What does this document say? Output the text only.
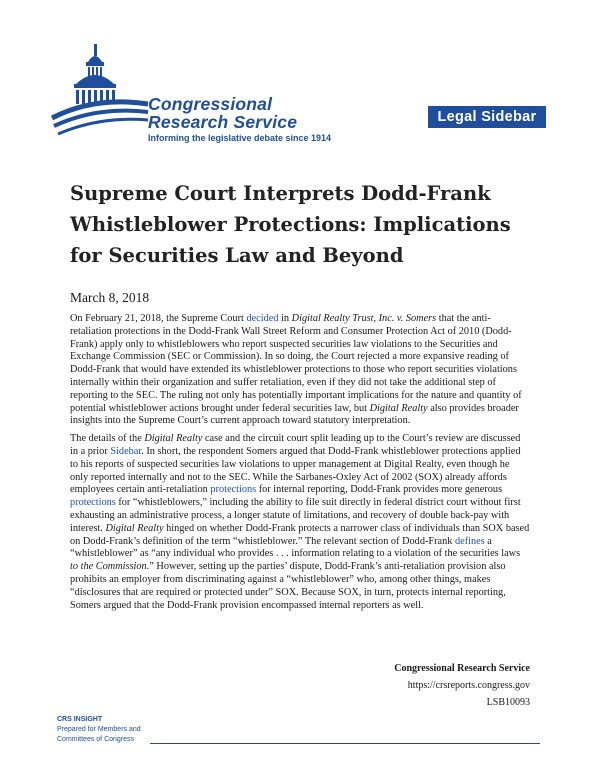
Congressional
Research Service
Informing the legislative debate since 1914
Legal Sidebar
Supreme Court Interprets Dodd-Frank Whistleblower Protections: Implications for Securities Law and Beyond
March 8, 2018

On February 21, 2018, the Supreme Court decided in Digital Realty Trust, Inc. v. Somers that the anti-retaliation protections in the Dodd-Frank Wall Street Reform and Consumer Protection Act of 2010 (Dodd-Frank) apply only to whistleblowers who report suspected securities law violations to the Securities and Exchange Commission (SEC or Commission). In so doing, the Court rejected a more expansive reading of Dodd-Frank that would have extended its whistleblower protections to those who report securities violations internally within their organization and suffer retaliation, even if they did not take the additional step of reporting to the SEC. The ruling not only has potentially important implications for the nature and quantity of potential whistleblower actions brought under federal securities law, but Digital Realty also provides broader insights into the Supreme Court’s current approach toward statutory interpretation.

The details of the Digital Realty case and the circuit court split leading up to the Court’s review are discussed in a prior Sidebar. In short, the respondent Somers argued that Dodd-Frank whistleblower protections applied to his reports of suspected securities law violations to upper management at Digital Realty, even though he only reported internally and not to the SEC. While the Sarbanes-Oxley Act of 2002 (SOX) already affords employees certain anti-retaliation protections for internal reporting, Dodd-Frank provides more generous protections for “whistleblowers,” including the ability to file suit directly in federal district court without first exhausting an administrative process, a longer statute of limitations, and recovery of double back-pay with interest. Digital Realty hinged on whether Dodd-Frank protects a narrower class of individuals than SOX based on Dodd-Frank’s definition of the term “whistleblower.” The relevant section of Dodd-Frank defines a “whistleblower” as “any individual who provides . . . information relating to a violation of the securities laws to the Commission.” However, setting up the parties’ dispute, Dodd-Frank’s anti-retaliation provision also prohibits an employer from discriminating against a “whistleblower” who, among other things, makes “disclosures that are required or protected under” SOX. Because SOX, in turn, protects internal reporting, Somers argued that the Dodd-Frank provision encompassed internal reporters as well.

Congressional Research Service
https://crsreports.congress.gov
LSB10093
CRS INSIGHT
Prepared for Members and
Committees of Congress
